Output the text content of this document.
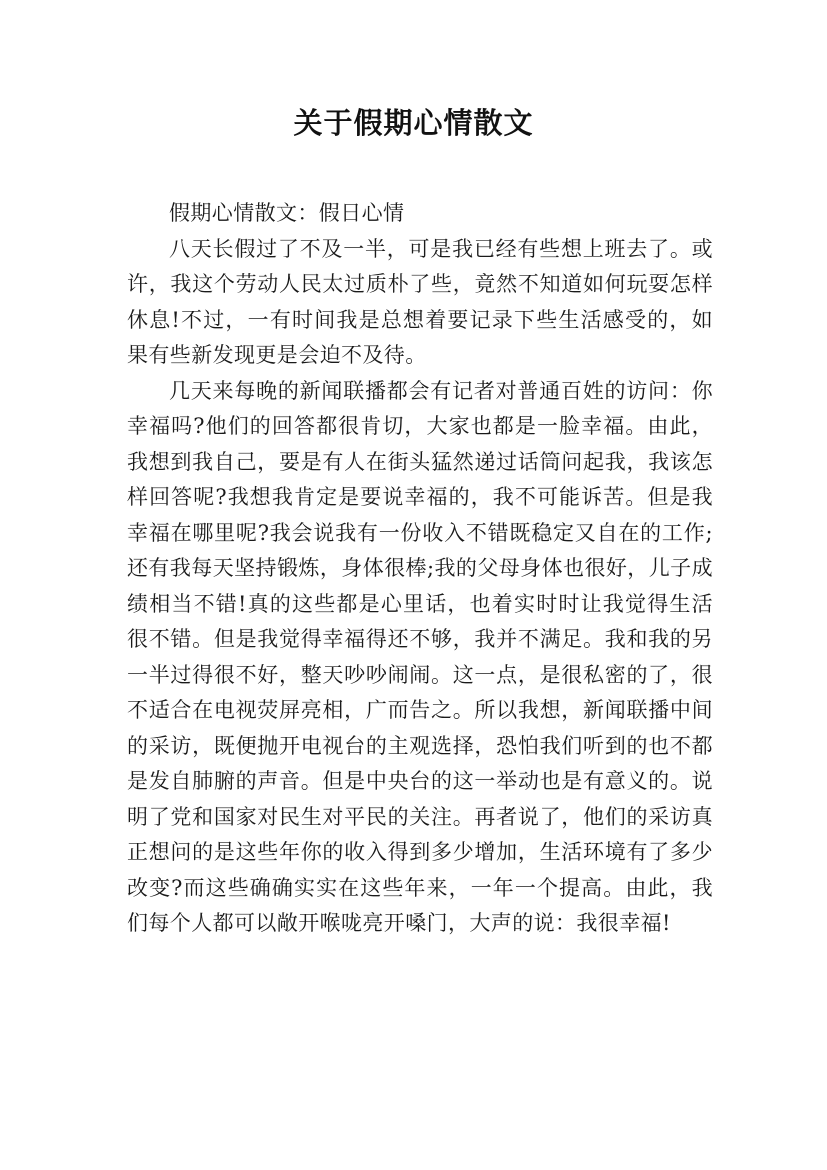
关于假期心情散文

假期心情散文：假日心情

八天长假过了不及一半，可是我已经有些想上班去了。或许，我这个劳动人民太过质朴了些，竟然不知道如何玩耍怎样休息!不过，一有时间我是总想着要记录下些生活感受的，如果有些新发现更是会迫不及待。

几天来每晚的新闻联播都会有记者对普通百姓的访问：你幸福吗?他们的回答都很肯切，大家也都是一脸幸福。由此，我想到我自己，要是有人在街头猛然递过话筒问起我，我该怎样回答呢?我想我肯定是要说幸福的，我不可能诉苦。但是我幸福在哪里呢?我会说我有一份收入不错既稳定又自在的工作;还有我每天坚持锻炼，身体很棒;我的父母身体也很好，儿子成绩相当不错!真的这些都是心里话，也着实时时让我觉得生活很不错。但是我觉得幸福得还不够，我并不满足。我和我的另一半过得很不好，整天吵吵闹闹。这一点，是很私密的了，很不适合在电视荧屏亮相，广而告之。所以我想，新闻联播中间的采访，既便抛开电视台的主观选择，恐怕我们听到的也不都是发自肺腑的声音。但是中央台的这一举动也是有意义的。说明了党和国家对民生对平民的关注。再者说了，他们的采访真正想问的是这些年你的收入得到多少增加，生活环境有了多少改变?而这些确确实实在这些年来，一年一个提高。由此，我们每个人都可以敞开喉咙亮开嗓门，大声的说：我很幸福!
